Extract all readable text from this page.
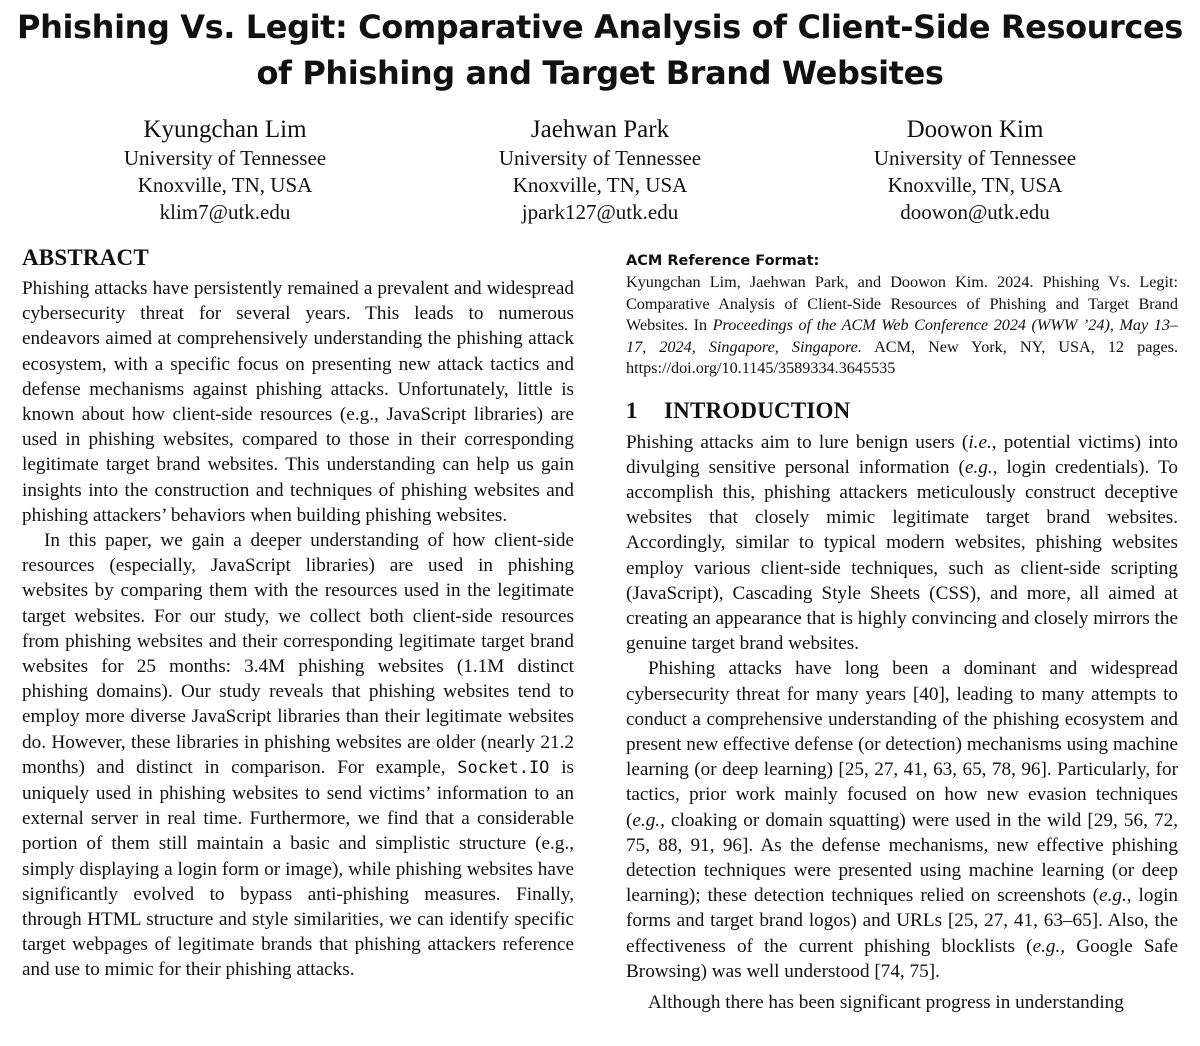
Phishing Vs. Legit: Comparative Analysis of Client-Side Resources
of Phishing and Target Brand Websites
Kyungchan Lim
University of Tennessee
Knoxville, TN, USA
klim7@utk.edu
Jaehwan Park
University of Tennessee
Knoxville, TN, USA
jpark127@utk.edu
Doowon Kim
University of Tennessee
Knoxville, TN, USA
doowon@utk.edu
ABSTRACT

Phishing attacks have persistently remained a prevalent and widespread cybersecurity threat for several years. This leads to numerous endeavors aimed at comprehensively understanding the phishing attack ecosystem, with a specific focus on presenting new attack tactics and defense mechanisms against phishing attacks. Unfortunately, little is known about how client-side resources (e.g., JavaScript libraries) are used in phishing websites, compared to those in their corresponding legitimate target brand websites. This understanding can help us gain insights into the construction and techniques of phishing websites and phishing attackers’ behaviors when building phishing websites.

In this paper, we gain a deeper understanding of how client-side resources (especially, JavaScript libraries) are used in phishing websites by comparing them with the resources used in the legitimate target websites. For our study, we collect both client-side resources from phishing websites and their corresponding legitimate target brand websites for 25 months: 3.4M phishing websites (1.1M distinct phishing domains). Our study reveals that phishing websites tend to employ more diverse JavaScript libraries than their legitimate websites do. However, these libraries in phishing websites are older (nearly 21.2 months) and distinct in comparison. For example, Socket.IO is uniquely used in phishing websites to send victims’ information to an external server in real time. Furthermore, we find that a considerable portion of them still maintain a basic and simplistic structure (e.g., simply displaying a login form or image), while phishing websites have significantly evolved to bypass anti-phishing measures. Finally, through HTML structure and style similarities, we can identify specific target webpages of legitimate brands that phishing attackers reference and use to mimic for their phishing attacks.

ACM Reference Format:

Kyungchan Lim, Jaehwan Park, and Doowon Kim. 2024. Phishing Vs. Legit: Comparative Analysis of Client-Side Resources of Phishing and Target Brand Websites. In Proceedings of the ACM Web Conference 2024 (WWW ’24), May 13–17, 2024, Singapore, Singapore. ACM, New York, NY, USA, 12 pages. https://doi.org/10.1145/3589334.3645535

1 INTRODUCTION

Phishing attacks aim to lure benign users (i.e., potential victims) into divulging sensitive personal information (e.g., login credentials). To accomplish this, phishing attackers meticulously construct deceptive websites that closely mimic legitimate target brand websites. Accordingly, similar to typical modern websites, phishing websites employ various client-side techniques, such as client-side scripting (JavaScript), Cascading Style Sheets (CSS), and more, all aimed at creating an appearance that is highly convincing and closely mirrors the genuine target brand websites.

Phishing attacks have long been a dominant and widespread cybersecurity threat for many years [40], leading to many attempts to conduct a comprehensive understanding of the phishing ecosystem and present new effective defense (or detection) mechanisms using machine learning (or deep learning) [25, 27, 41, 63, 65, 78, 96]. Particularly, for tactics, prior work mainly focused on how new evasion techniques (e.g., cloaking or domain squatting) were used in the wild [29, 56, 72, 75, 88, 91, 96]. As the defense mechanisms, new effective phishing detection techniques were presented using machine learning (or deep learning); these detection techniques relied on screenshots (e.g., login forms and target brand logos) and URLs [25, 27, 41, 63–65]. Also, the effectiveness of the current phishing blocklists (e.g., Google Safe Browsing) was well understood [74, 75].

Although there has been significant progress in understanding
